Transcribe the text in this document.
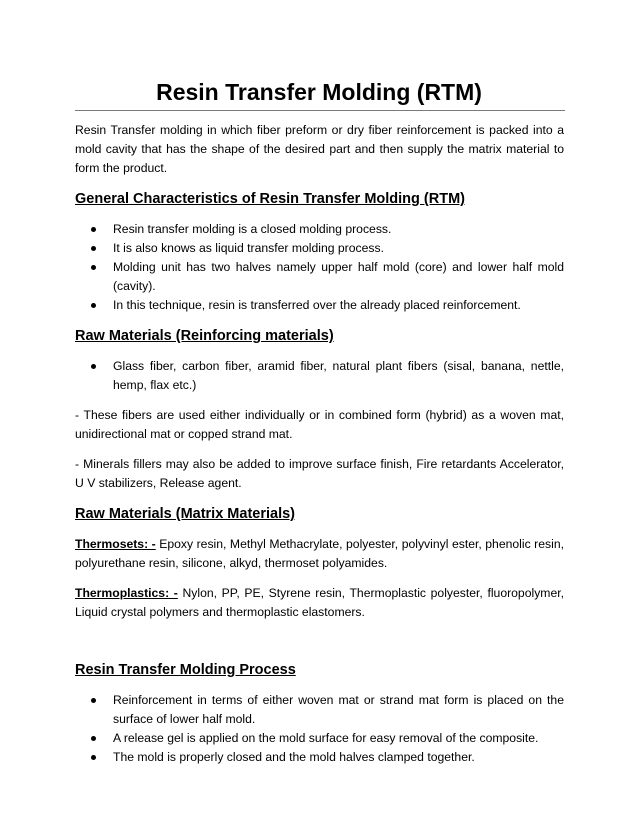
Resin Transfer Molding (RTM)

Resin Transfer molding in which fiber preform or dry fiber reinforcement is packed into a mold cavity that has the shape of the desired part and then supply the matrix material to form the product.

General Characteristics of Resin Transfer Molding (RTM)
Resin transfer molding is a closed molding process.
It is also knows as liquid transfer molding process.
Molding unit has two halves namely upper half mold (core) and lower half mold (cavity).
In this technique, resin is transferred over the already placed reinforcement.
Raw Materials (Reinforcing materials)
Glass fiber, carbon fiber, aramid fiber, natural plant fibers (sisal, banana, nettle, hemp, flax etc.)

- These fibers are used either individually or in combined form (hybrid) as a woven mat, unidirectional mat or copped strand mat.

- Minerals fillers may also be added to improve surface finish, Fire retardants Accelerator, U V stabilizers, Release agent.

Raw Materials (Matrix Materials)

Thermosets: - Epoxy resin, Methyl Methacrylate, polyester, polyvinyl ester, phenolic resin, polyurethane resin, silicone, alkyd, thermoset polyamides.

Thermoplastics: - Nylon, PP, PE, Styrene resin, Thermoplastic polyester, fluoropolymer, Liquid crystal polymers and thermoplastic elastomers.

Resin Transfer Molding Process
Reinforcement in terms of either woven mat or strand mat form is placed on the surface of lower half mold.
A release gel is applied on the mold surface for easy removal of the composite.
The mold is properly closed and the mold halves clamped together.
